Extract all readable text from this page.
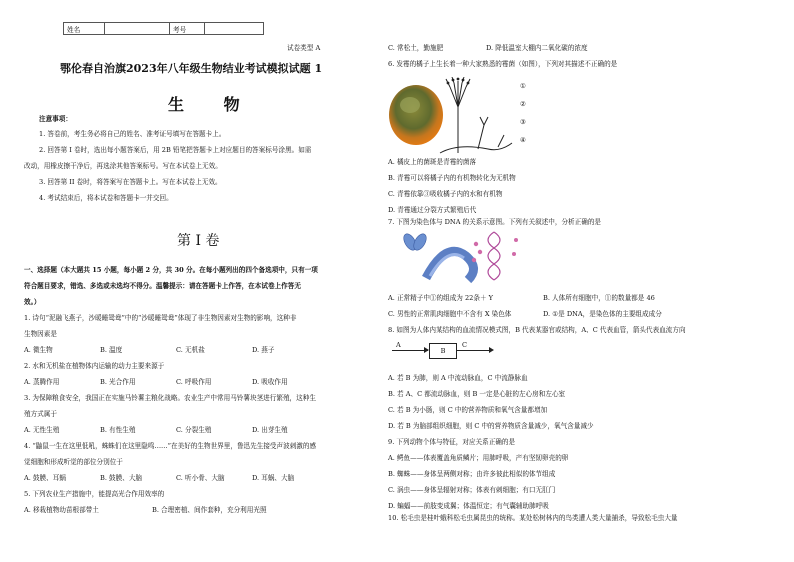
姓名		考号	
试卷类型 A
鄂伦春自治旗2023年八年级生物结业考试模拟试题 1
生 物
注意事项：
1. 答卷前，考生务必将自己的姓名、准考证号填写在答题卡上。
2. 回答第 I 卷时，选出每小题答案后，用 2B 铅笔把答题卡上对应题目的答案标号涂黑。如需
改动，用橡皮擦干净后，再选涂其他答案标号。写在本试卷上无效。
3. 回答第 II 卷时，将答案写在答题卡上。写在本试卷上无效。
4. 考试结束后，将本试卷和答题卡一并交回。
第 I 卷
一、选择题（本大题共 15 小题，每小题 2 分，共 30 分。在每小题列出的四个备选项中，只有一项
符合题目要求，错选、多选或未选均不得分。温馨提示：请在答题卡上作答，在本试卷上作答无
效。）
1. 诗句“泥融飞燕子，沙暖睡鸳鸯”中的“沙暖睡鸳鸯”体现了非生物因素对生物的影响，这种非
生物因素是
A. 微生物	B. 温度	C. 无机盐	D. 燕子
2. 水和无机盐在植物体内运输的动力主要来源于
A. 蒸腾作用	B. 光合作用	C. 呼吸作用	D. 吸收作用
3. 为保障粮食安全，我国正在实施马铃薯主粮化战略。农业生产中常用马铃薯块茎进行繁殖，这种生
殖方式属于
A. 无性生殖	B. 有性生殖	C. 分裂生殖	D. 出芽生殖
4. “鼬鼠一生在这里低吼，蛛蛛们在这里隐鸣……”在美好的生物世界里，鲁迅先生接受声波刺激的感
觉细胞和形成听觉的部位分别位于
A. 鼓膜、耳蜗	B. 鼓膜、大脑	C. 听小骨、大脑	D. 耳蜗、大脑
5. 下列农业生产措施中，能提高光合作用效率的
A. 移栽植物幼苗根部带土	B. 合理密植、间作套种，充分利用光照
C. 常松土，勤施肥	D. 降低温室大棚内二氧化碳的浓度
6. 发霉的橘子上生长着一种大家熟悉的霉菌（如图），下列对其描述不正确的是
①
②
③
④
A. 橘皮上的菌斑是青霉的菌落
B. 青霉可以将橘子内的有机物转化为无机物
C. 青霉依靠③吸收橘子内的水和有机物
D. 青霉通过分裂方式繁殖后代
7. 下图为染色体与 DNA 的关系示意图。下列有关叙述中，分析正确的是
A. 正常精子中①的组成为 22条＋ Y	B. 人体所有细胞中，①的数量都是 46
C. 男性的正常肌肉细胞中不含有 X 染色体	D. ①是 DNA，是染色体的主要组成成分
8. 如图为人体内某结构的血流情况模式图，B 代表某器官或结构，A、C 代表血管，箭头代表血流方向
A
B
C
A. 若 B 为肺，则 A 中流动脉血，C 中流静脉血
B. 若 A、C 都流动脉血，则 B 一定是心脏的左心房和左心室
C. 若 B 为小肠，则 C 中的营养物质和氧气含量都增加
D. 若 B 为脑部组织细胞，则 C 中的营养物质含量减少，氧气含量减少
9. 下列动物个体与特征，对应关系正确的是
A. 鳄鱼——体表覆盖角质鳞片；用肺呼吸，产有坚韧卵壳的卵
B. 蜘蛛——身体呈两侧对称；由许多彼此相似的体节组成
C. 涡虫——身体呈辐射对称；体表有刺细胞；有口无肛门
D. 蝙蝠——前肢变成翼；体温恒定；有气囊辅助肺呼吸
10. 松毛虫是桂叶蛾科松毛虫属昆虫的统称。某处松树林内的鸟类遭人类大量捕杀，导致松毛虫大量
